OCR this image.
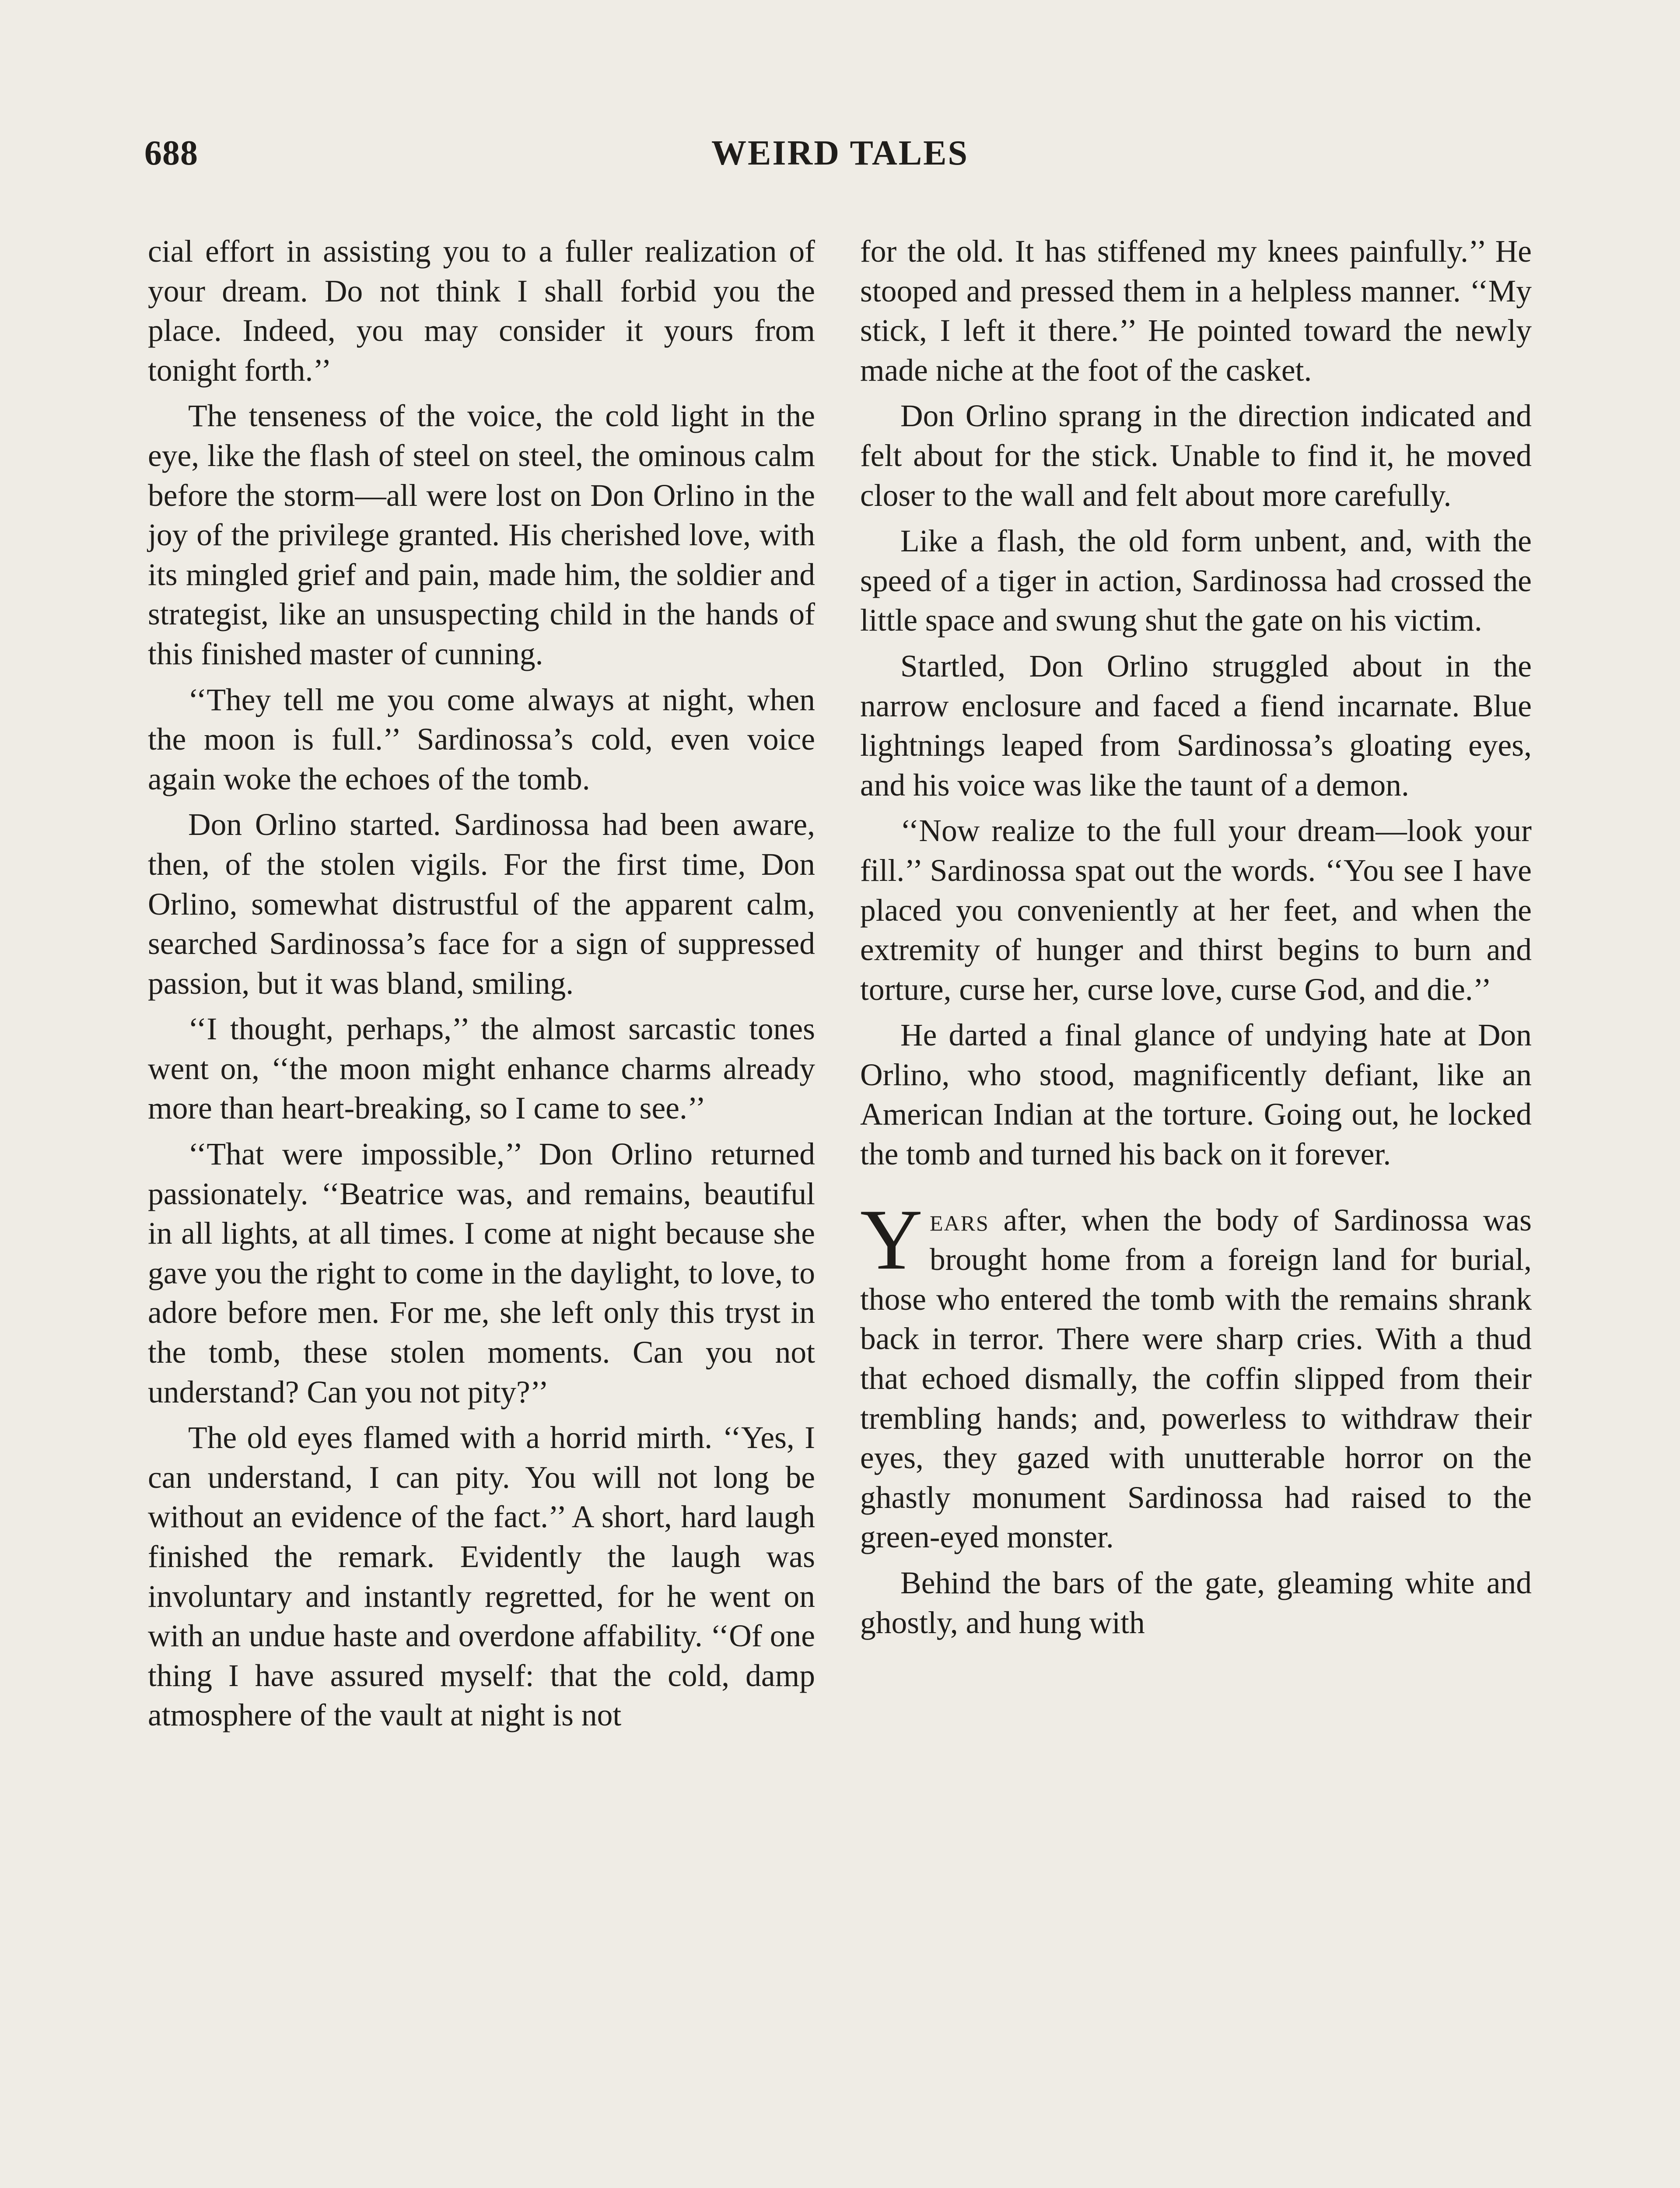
688	WEIRD TALES

cial effort in assisting you to a fuller realization of your dream. Do not think I shall forbid you the place. Indeed, you may consider it yours from tonight forth.’’

The tenseness of the voice, the cold light in the eye, like the flash of steel on steel, the ominous calm before the storm—all were lost on Don Orlino in the joy of the privilege granted. His cherished love, with its mingled grief and pain, made him, the soldier and strategist, like an unsuspecting child in the hands of this finished master of cunning.

‘‘They tell me you come always at night, when the moon is full.’’ Sardinossa’s cold, even voice again woke the echoes of the tomb.

Don Orlino started. Sardinossa had been aware, then, of the stolen vigils. For the first time, Don Orlino, somewhat distrustful of the apparent calm, searched Sardinossa’s face for a sign of suppressed passion, but it was bland, smiling.

‘‘I thought, perhaps,’’ the almost sarcastic tones went on, ‘‘the moon might enhance charms already more than heart-breaking, so I came to see.’’

‘‘That were impossible,’’ Don Orlino returned passionately. ‘‘Beatrice was, and remains, beautiful in all lights, at all times. I come at night because she gave you the right to come in the daylight, to love, to adore before men. For me, she left only this tryst in the tomb, these stolen moments. Can you not understand? Can you not pity?’’

The old eyes flamed with a horrid mirth. ‘‘Yes, I can understand, I can pity. You will not long be without an evidence of the fact.’’ A short, hard laugh finished the remark. Evidently the laugh was involuntary and instantly regretted, for he went on with an undue haste and overdone affability. ‘‘Of one thing I have assured myself: that the cold, damp atmosphere of the vault at night is not

for the old. It has stiffened my knees painfully.’’ He stooped and pressed them in a helpless manner. ‘‘My stick, I left it there.’’ He pointed toward the newly made niche at the foot of the casket.

Don Orlino sprang in the direction indicated and felt about for the stick. Unable to find it, he moved closer to the wall and felt about more carefully.

Like a flash, the old form unbent, and, with the speed of a tiger in action, Sardinossa had crossed the little space and swung shut the gate on his victim.

Startled, Don Orlino struggled about in the narrow enclosure and faced a fiend incarnate. Blue lightnings leaped from Sardinossa’s gloating eyes, and his voice was like the taunt of a demon.

‘‘Now realize to the full your dream—look your fill.’’ Sardinossa spat out the words. ‘‘You see I have placed you conveniently at her feet, and when the extremity of hunger and thirst begins to burn and torture, curse her, curse love, curse God, and die.’’

He darted a final glance of undying hate at Don Orlino, who stood, magnificently defiant, like an American Indian at the torture. Going out, he locked the tomb and turned his back on it forever.

Years after, when the body of Sardinossa was brought home from a foreign land for burial, those who entered the tomb with the remains shrank back in terror. There were sharp cries. With a thud that echoed dismally, the coffin slipped from their trembling hands; and, powerless to withdraw their eyes, they gazed with unutterable horror on the ghastly monument Sardinossa had raised to the green-eyed monster.

Behind the bars of the gate, gleaming white and ghostly, and hung with
